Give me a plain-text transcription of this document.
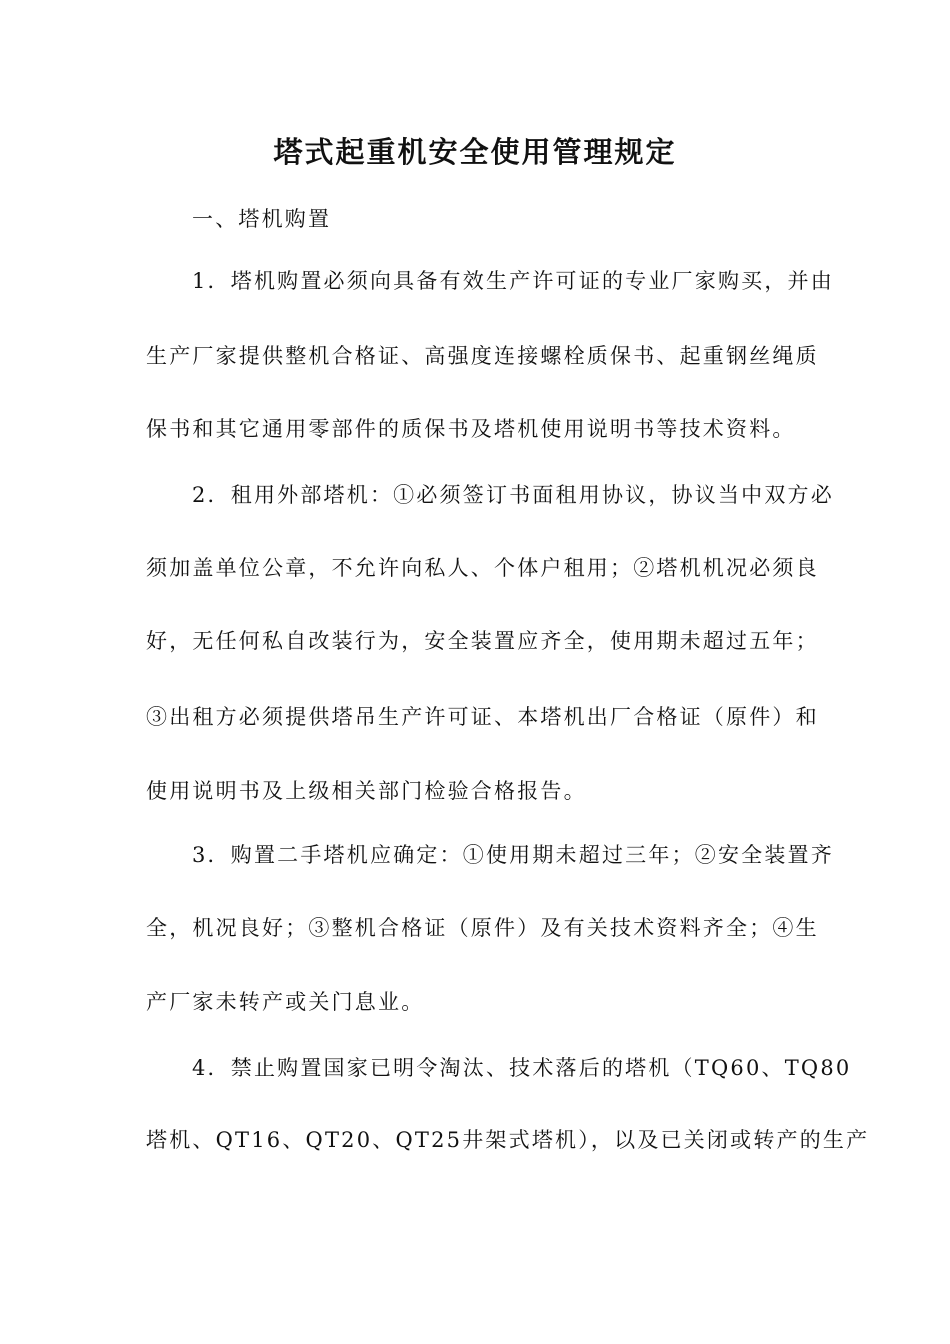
塔式起重机安全使用管理规定
一、塔机购置
1．塔机购置必须向具备有效生产许可证的专业厂家购买，并由
生产厂家提供整机合格证、高强度连接螺栓质保书、起重钢丝绳质
保书和其它通用零部件的质保书及塔机使用说明书等技术资料。
2．租用外部塔机：①必须签订书面租用协议，协议当中双方必
须加盖单位公章，不允许向私人、个体户租用；②塔机机况必须良
好，无任何私自改装行为，安全装置应齐全，使用期未超过五年；
③出租方必须提供塔吊生产许可证、本塔机出厂合格证（原件）和
使用说明书及上级相关部门检验合格报告。
3．购置二手塔机应确定：①使用期未超过三年；②安全装置齐
全，机况良好；③整机合格证（原件）及有关技术资料齐全；④生
产厂家未转产或关门息业。
4．禁止购置国家已明令淘汰、技术落后的塔机（TQ60、TQ80
塔机、QT16、QT20、QT25井架式塔机），以及已关闭或转产的生产
